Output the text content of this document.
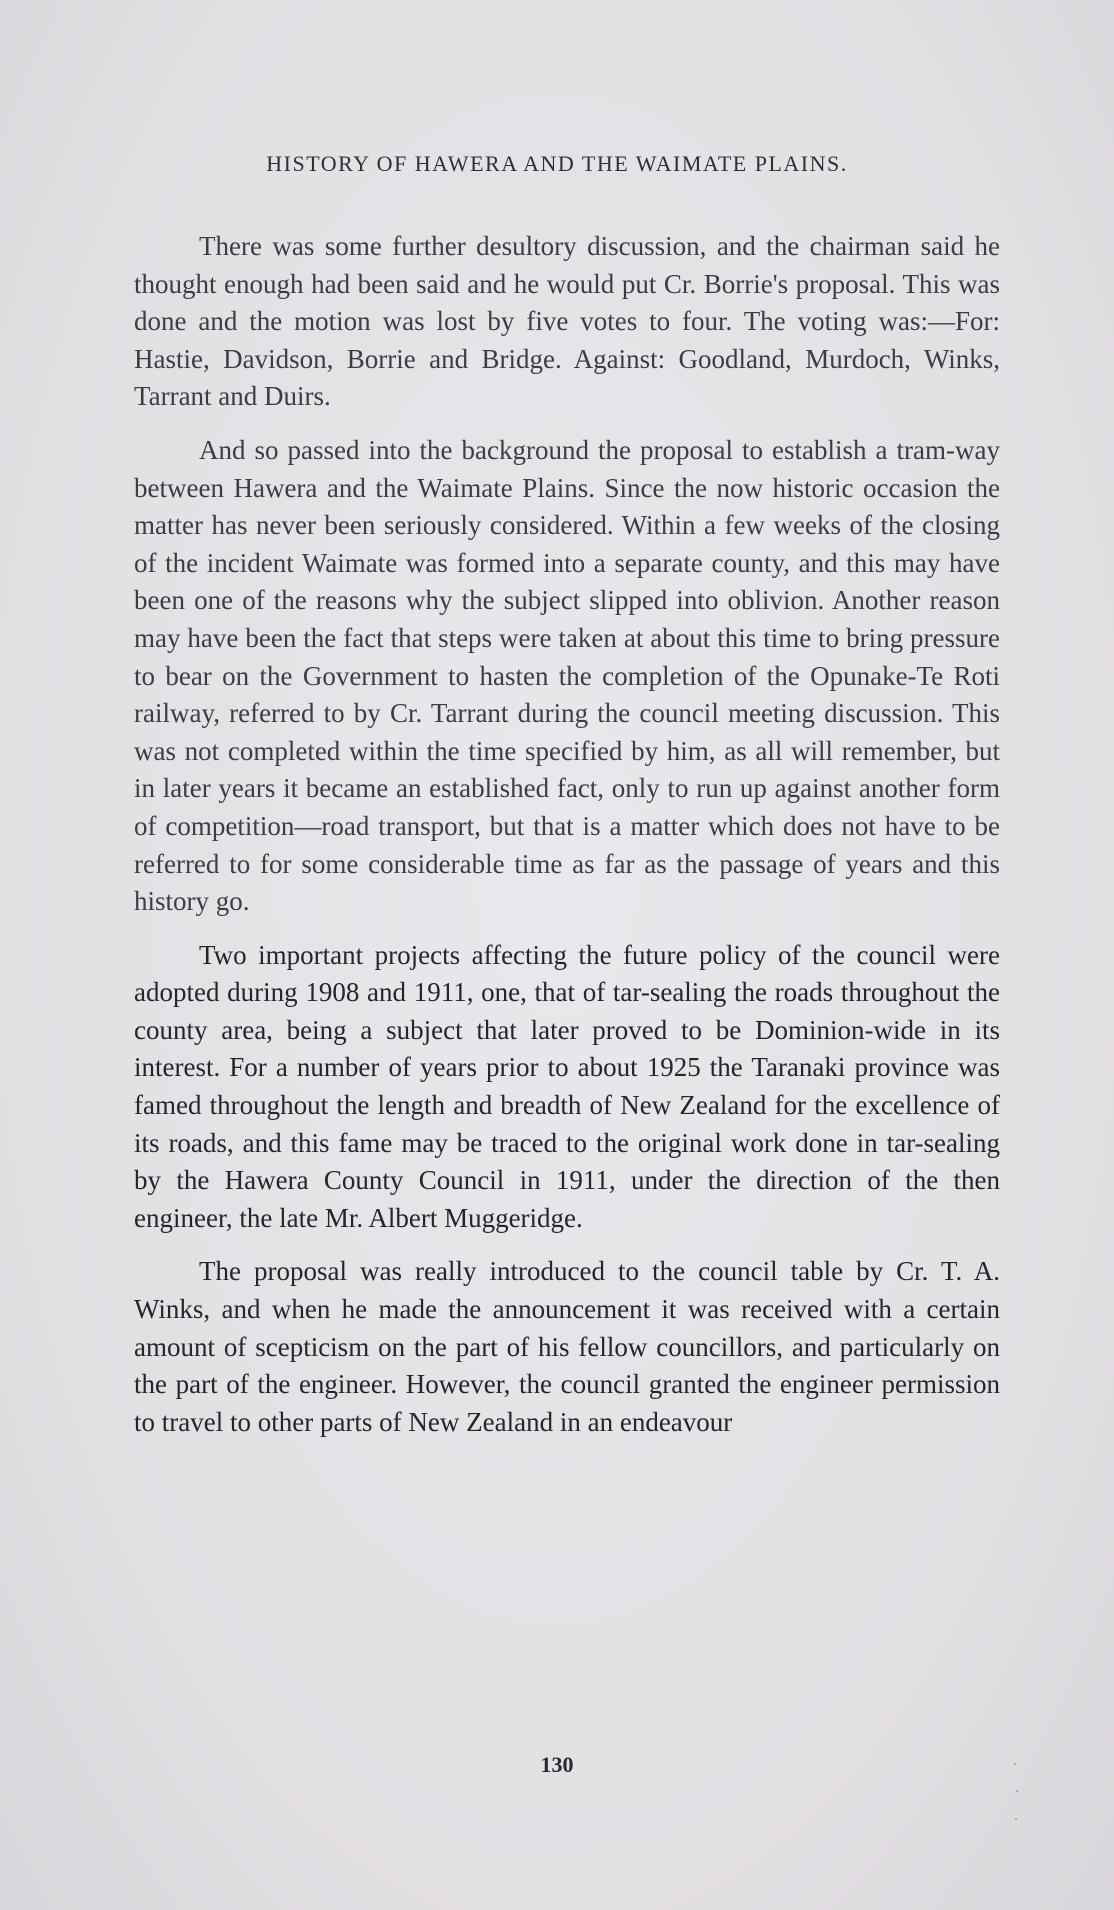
HISTORY OF HAWERA AND THE WAIMATE PLAINS.

There was some further desultory discussion, and the chairman said he thought enough had been said and he would put Cr. Borrie's proposal. This was done and the motion was lost by five votes to four. The voting was:—For: Hastie, Davidson, Borrie and Bridge. Against: Goodland, Murdoch, Winks, Tarrant and Duirs.

And so passed into the background the proposal to establish a tram-way between Hawera and the Waimate Plains. Since the now historic occasion the matter has never been seriously considered. Within a few weeks of the closing of the incident Waimate was formed into a separate county, and this may have been one of the reasons why the subject slipped into oblivion. Another reason may have been the fact that steps were taken at about this time to bring pressure to bear on the Government to hasten the completion of the Opunake-Te Roti railway, referred to by Cr. Tarrant during the council meeting discussion. This was not completed within the time specified by him, as all will remember, but in later years it became an established fact, only to run up against another form of competition—road transport, but that is a matter which does not have to be referred to for some considerable time as far as the passage of years and this history go.

Two important projects affecting the future policy of the council were adopted during 1908 and 1911, one, that of tar-sealing the roads throughout the county area, being a subject that later proved to be Dominion-wide in its interest. For a number of years prior to about 1925 the Taranaki province was famed throughout the length and breadth of New Zealand for the excellence of its roads, and this fame may be traced to the original work done in tar-sealing by the Hawera County Council in 1911, under the direction of the then engineer, the late Mr. Albert Muggeridge.

The proposal was really introduced to the council table by Cr. T. A. Winks, and when he made the announcement it was received with a certain amount of scepticism on the part of his fellow councillors, and particularly on the part of the engineer. However, the council granted the engineer permission to travel to other parts of New Zealand in an endeavour

130
